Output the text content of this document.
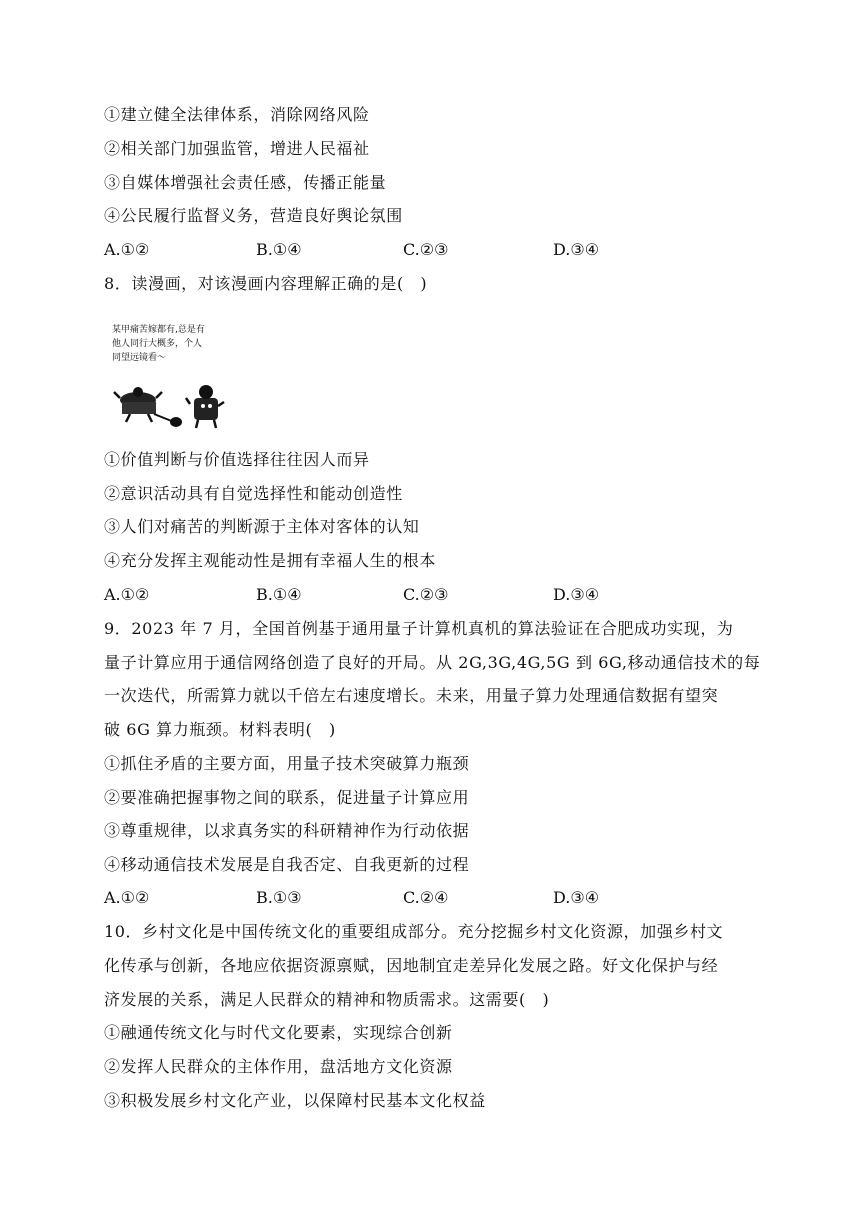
①建立健全法律体系，消除网络风险
②相关部门加强监管，增进人民福祉
③自媒体增强社会责任感，传播正能量
④公民履行监督义务，营造良好舆论氛围
A.①②	B.①④	C.②③	D.③④
8．读漫画，对该漫画内容理解正确的是(　)
某甲痛苦嫁都有,总是有
他人同行大概多，个人
同望远镜看～
①价值判断与价值选择往往因人而异
②意识活动具有自觉选择性和能动创造性
③人们对痛苦的判断源于主体对客体的认知
④充分发挥主观能动性是拥有幸福人生的根本
A.①②	B.①④	C.②③	D.③④
9．2023 年 7 月，全国首例基于通用量子计算机真机的算法验证在合肥成功实现，为
量子计算应用于通信网络创造了良好的开局。从 2G,3G,4G,5G 到 6G,移动通信技术的每
一次迭代，所需算力就以千倍左右速度增长。未来，用量子算力处理通信数据有望突
破 6G 算力瓶颈。材料表明(　)
①抓住矛盾的主要方面，用量子技术突破算力瓶颈
②要准确把握事物之间的联系，促进量子计算应用
③尊重规律，以求真务实的科研精神作为行动依据
④移动通信技术发展是自我否定、自我更新的过程
A.①②	B.①③	C.②④	D.③④
10．乡村文化是中国传统文化的重要组成部分。充分挖掘乡村文化资源，加强乡村文
化传承与创新，各地应依据资源禀赋，因地制宜走差异化发展之路。好文化保护与经
济发展的关系，满足人民群众的精神和物质需求。这需要(　)
①融通传统文化与时代文化要素，实现综合创新
②发挥人民群众的主体作用，盘活地方文化资源
③积极发展乡村文化产业，以保障村民基本文化权益
